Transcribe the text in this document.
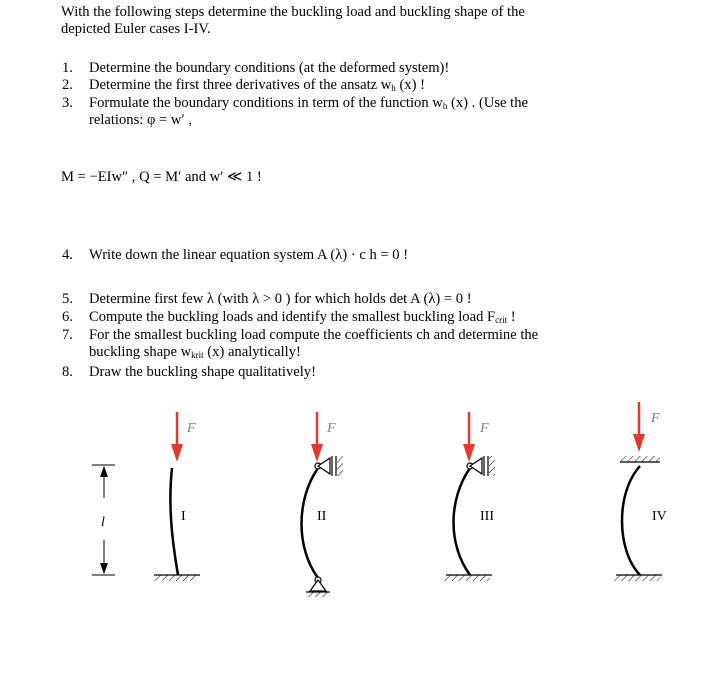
With the following steps determine the buckling load and buckling shape of the
depicted Euler cases I-IV.
1. Determine the boundary conditions (at the deformed system)!
2. Determine the first three derivatives of the ansatz $w_h$ (x) !
3. Formulate the boundary conditions in term of the function $w_h$ (x) . (Use the
relations: φ = w′ ,
M = −EIw″ , Q = M′ and w′ ≪ 1 !
4. Write down the linear equation system A (λ) · c h = 0 !
5. Determine first few λ (with λ > 0 ) for which holds det A (λ) = 0 !
6. Compute the buckling loads and identify the smallest buckling load $F_{crit}$ !
7. For the smallest buckling load compute the coefficients ch and determine the
buckling shape $w_{krit}$ (x) analytically!
8. Draw the buckling shape qualitatively!
l
F
I
F
II
F
III
F
IV
